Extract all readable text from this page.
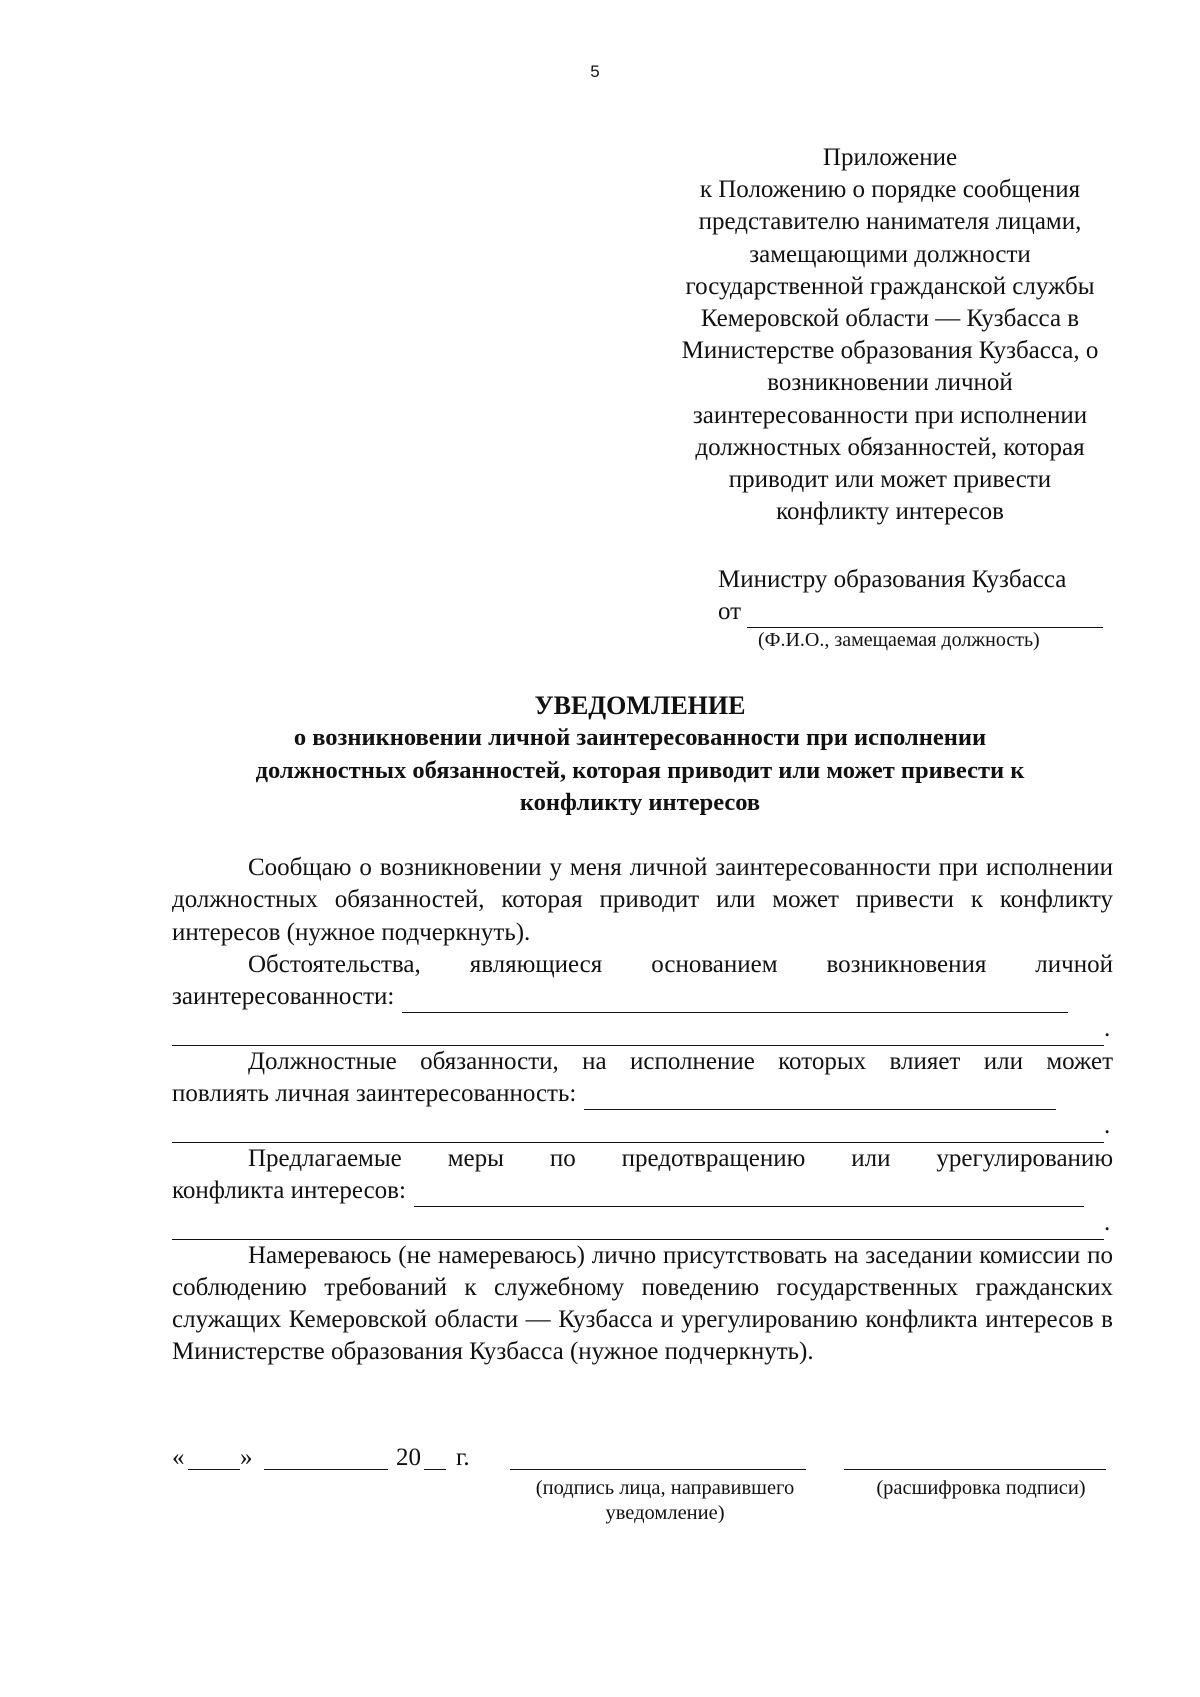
5
Приложение
к Положению о порядке сообщения
представителю нанимателя лицами,
замещающими должности
государственной гражданской службы
Кемеровской области — Кузбасса в
Министерстве образования Кузбасса, о
возникновении личной
заинтересованности при исполнении
должностных обязанностей, которая
приводит или может привести
конфликту интересов
Министру образования Кузбасса
от
(Ф.И.О., замещаемая должность)
УВЕДОМЛЕНИЕ
о возникновении личной заинтересованности при исполнении
должностных обязанностей, которая приводит или может привести к
конфликту интересов

Сообщаю о возникновении у меня личной заинтересованности при исполнении должностных обязанностей, которая приводит или может привести к конфликту интересов (нужное подчеркнуть).

Обстоятельства, являющиеся основанием возникновения личной
заинтересованности:
.
Должностные обязанности, на исполнение которых влияет или может
повлиять личная заинтересованность:
.
Предлагаемые меры по предотвращению или урегулированию
конфликта интересов:
.

Намереваюсь (не намереваюсь) лично присутствовать на заседании комиссии по соблюдению требований к служебному поведению государственных гражданских служащих Кемеровской области — Кузбасса и урегулированию конфликта интересов в Министерстве образования Кузбасса (нужное подчеркнуть).

« »	20 г.
(подпись лица, направившего
уведомление)
(расшифровка подписи)
